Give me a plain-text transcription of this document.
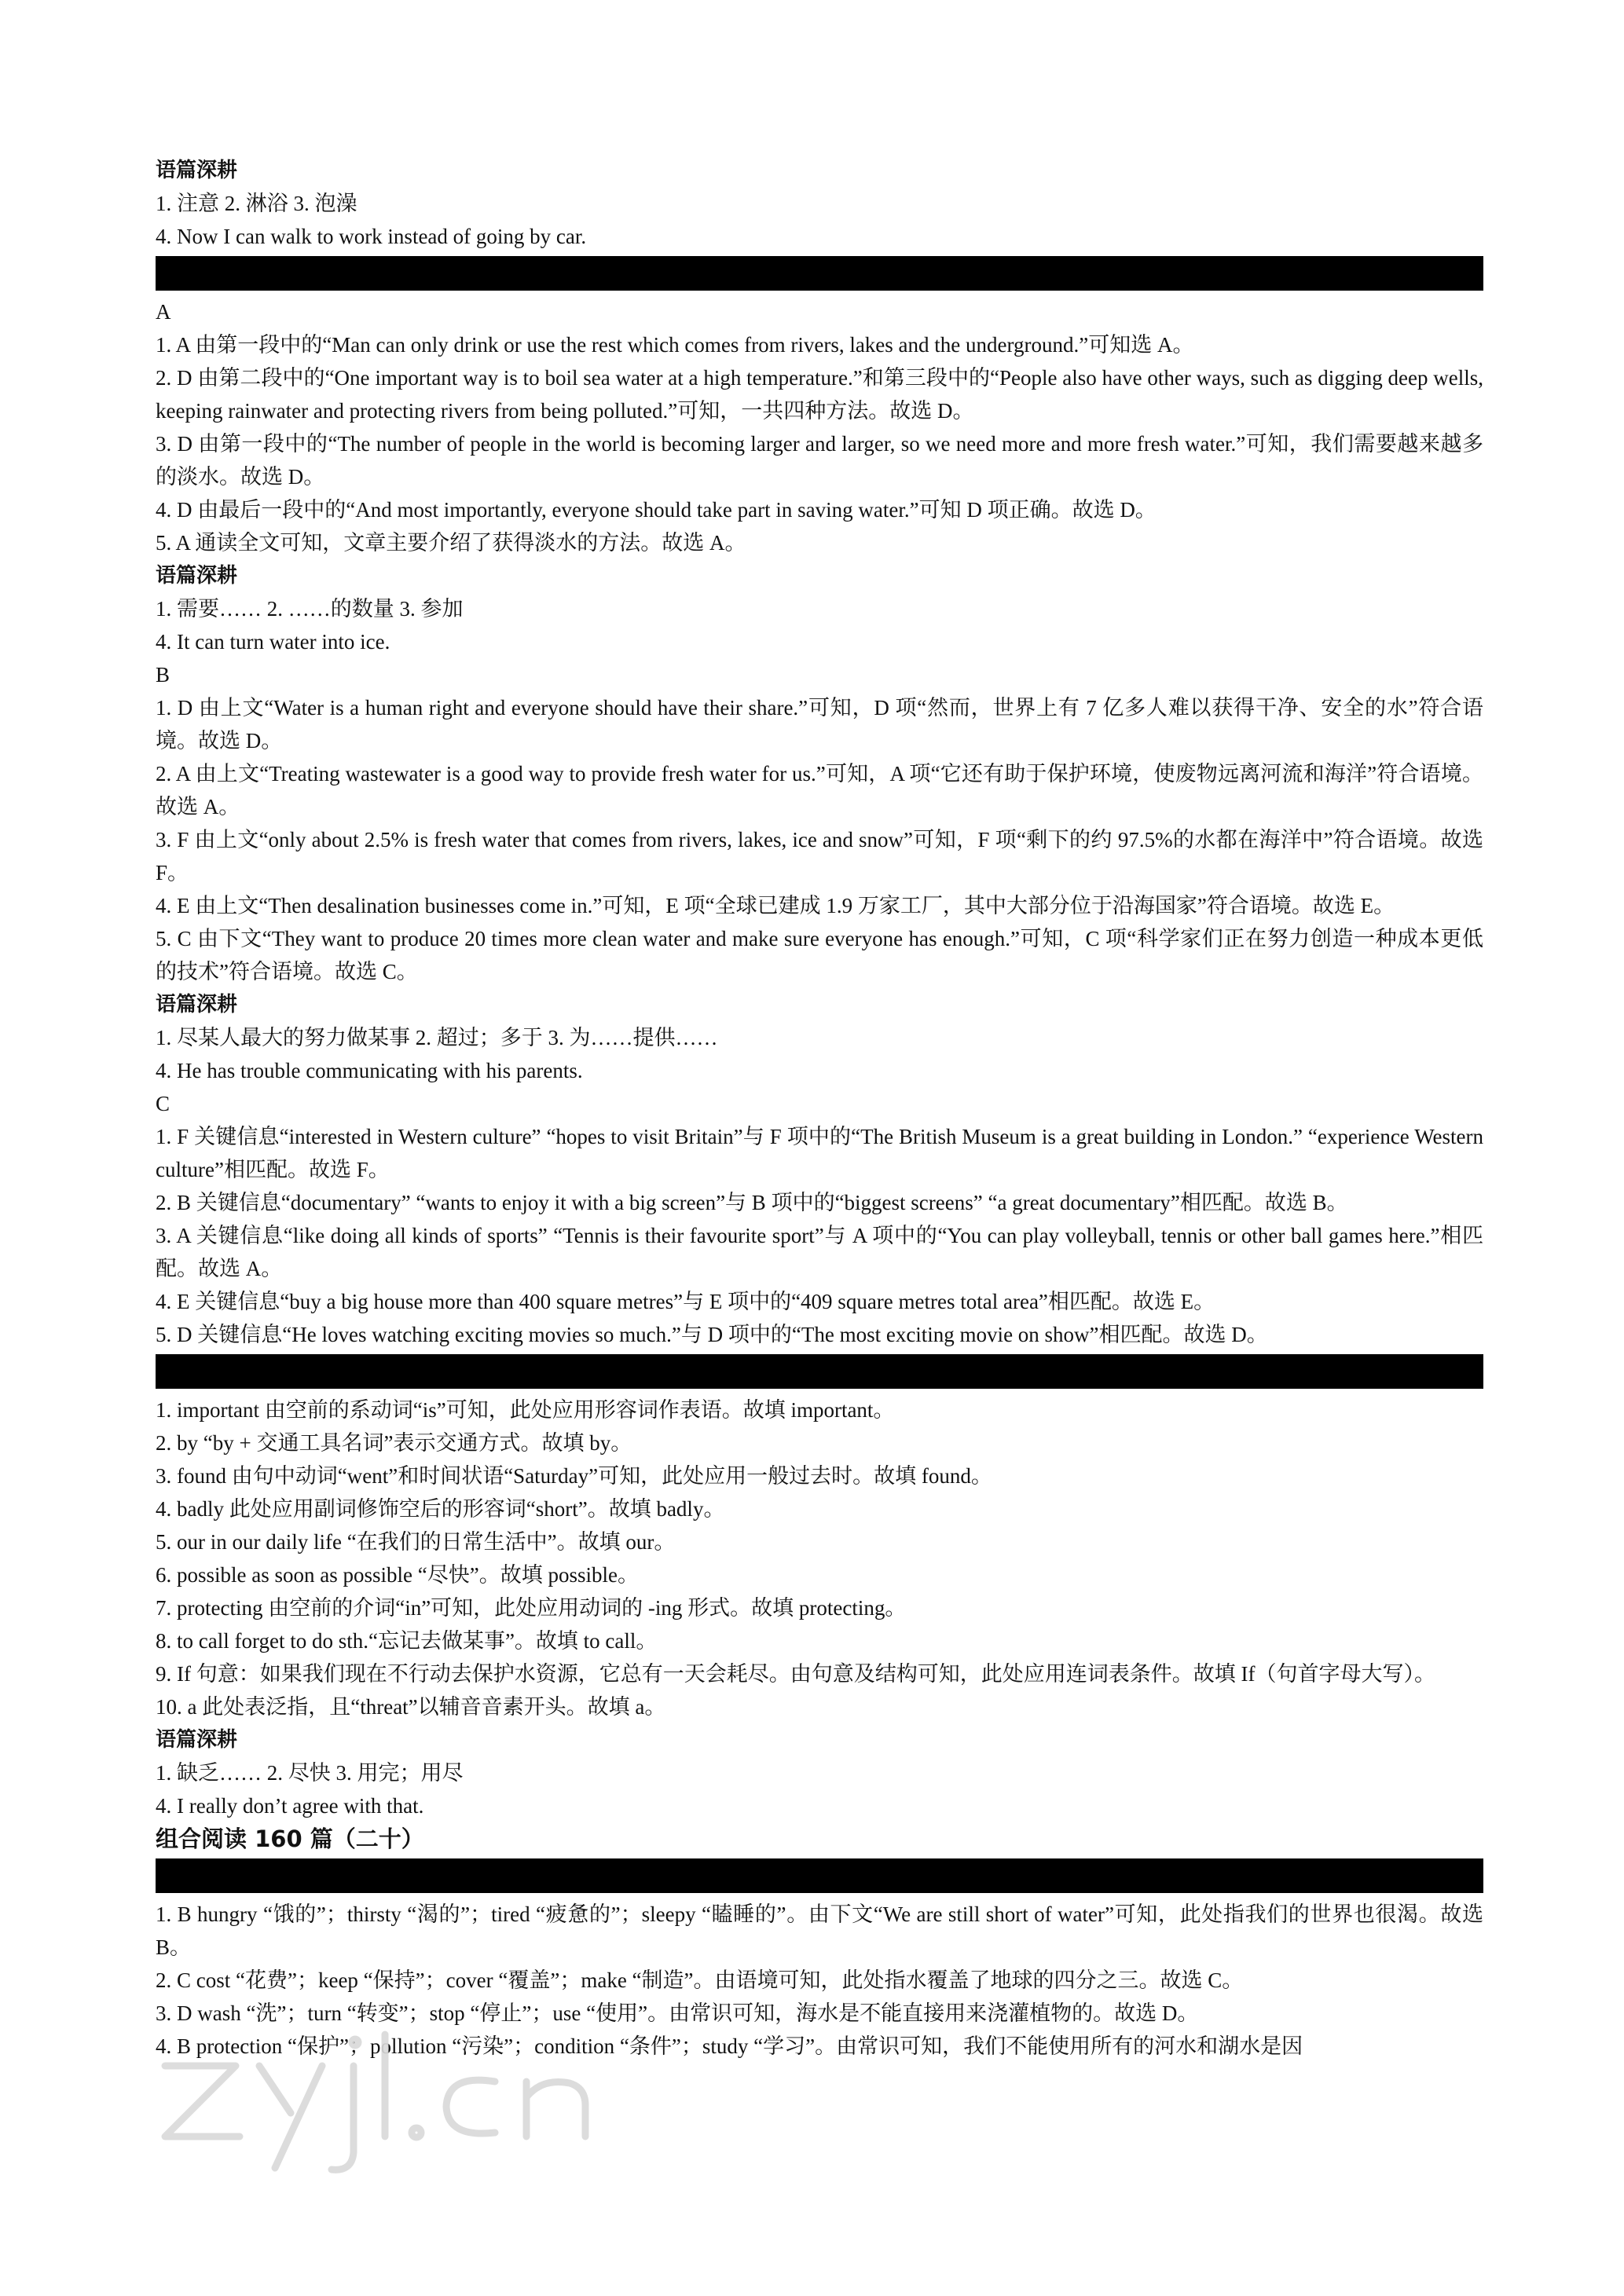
语篇深耕
1. 注意 2. 淋浴 3. 泡澡
4. Now I can walk to work instead of going by car.
A
1. A 由第一段中的“Man can only drink or use the rest which comes from rivers, lakes and the underground.”可知选 A。
2. D 由第二段中的“One important way is to boil sea water at a high temperature.”和第三段中的“People also have other ways, such as digging deep wells, keeping rainwater and protecting rivers from being polluted.”可知，一共四种方法。故选 D。
3. D 由第一段中的“The number of people in the world is becoming larger and larger, so we need more and more fresh water.”可知，我们需要越来越多的淡水。故选 D。
4. D 由最后一段中的“And most importantly, everyone should take part in saving water.”可知 D 项正确。故选 D。
5. A 通读全文可知，文章主要介绍了获得淡水的方法。故选 A。
语篇深耕
1. 需要…… 2. ……的数量 3. 参加
4. It can turn water into ice.
B
1. D 由上文“Water is a human right and everyone should have their share.”可知，D 项“然而，世界上有 7 亿多人难以获得干净、安全的水”符合语境。故选 D。
2. A 由上文“Treating wastewater is a good way to provide fresh water for us.”可知，A 项“它还有助于保护环境，使废物远离河流和海洋”符合语境。故选 A。
3. F 由上文“only about 2.5% is fresh water that comes from rivers, lakes, ice and snow”可知，F 项“剩下的约 97.5%的水都在海洋中”符合语境。故选 F。
4. E 由上文“Then desalination businesses come in.”可知，E 项“全球已建成 1.9 万家工厂，其中大部分位于沿海国家”符合语境。故选 E。
5. C 由下文“They want to produce 20 times more clean water and make sure everyone has enough.”可知，C 项“科学家们正在努力创造一种成本更低的技术”符合语境。故选 C。
语篇深耕
1. 尽某人最大的努力做某事 2. 超过；多于 3. 为……提供……
4. He has trouble communicating with his parents.
C
1. F 关键信息“interested in Western culture” “hopes to visit Britain”与 F 项中的“The British Museum is a great building in London.” “experience Western culture”相匹配。故选 F。
2. B 关键信息“documentary” “wants to enjoy it with a big screen”与 B 项中的“biggest screens” “a great documentary”相匹配。故选 B。
3. A 关键信息“like doing all kinds of sports” “Tennis is their favourite sport”与 A 项中的“You can play volleyball, tennis or other ball games here.”相匹配。故选 A。
4. E 关键信息“buy a big house more than 400 square metres”与 E 项中的“409 square metres total area”相匹配。故选 E。
5. D 关键信息“He loves watching exciting movies so much.”与 D 项中的“The most exciting movie on show”相匹配。故选 D。
1. important 由空前的系动词“is”可知，此处应用形容词作表语。故填 important。
2. by “by + 交通工具名词”表示交通方式。故填 by。
3. found 由句中动词“went”和时间状语“Saturday”可知，此处应用一般过去时。故填 found。
4. badly 此处应用副词修饰空后的形容词“short”。故填 badly。
5. our in our daily life “在我们的日常生活中”。故填 our。
6. possible as soon as possible “尽快”。故填 possible。
7. protecting 由空前的介词“in”可知，此处应用动词的 -ing 形式。故填 protecting。
8. to call forget to do sth.“忘记去做某事”。故填 to call。
9. If 句意：如果我们现在不行动去保护水资源，它总有一天会耗尽。由句意及结构可知，此处应用连词表条件。故填 If（句首字母大写）。
10. a 此处表泛指，且“threat”以辅音音素开头。故填 a。
语篇深耕
1. 缺乏…… 2. 尽快 3. 用完；用尽
4. I really don’t agree with that.
组合阅读 160 篇（二十）
1. B hungry “饿的”；thirsty “渴的”；tired “疲惫的”；sleepy “瞌睡的”。由下文“We are still short of water”可知，此处指我们的世界也很渴。故选 B。
2. C cost “花费”；keep “保持”；cover “覆盖”；make “制造”。由语境可知，此处指水覆盖了地球的四分之三。故选 C。
3. D wash “洗”；turn “转变”；stop “停止”；use “使用”。由常识可知，海水是不能直接用来浇灌植物的。故选 D。
4. B protection “保护”；pollution “污染”；condition “条件”；study “学习”。由常识可知，我们不能使用所有的河水和湖水是因
